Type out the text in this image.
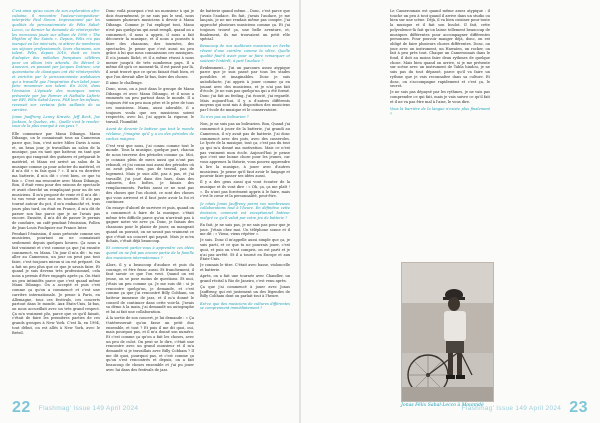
C'est ainsi qu'au cours de son exploration afro-cubaine, il rencontre l'auteur-compositeur-interprète Paul Simon. Impressionné par les qualités de percussionniste de Félix Sabal-Lecco, ce dernier lui demande de réinterpréter les morceaux joués sur album de 1990 « The Rhythm of the Saints ». Depuis, Félix n'a pas manqué en les mini-sets, ni attirer de nombreux ses séjours professionnels, leurs chansons, son talent. Félix, depuis 2010, était en train d'adopter des mélodies françaises célèbres pour un album très attendu. De Bérard & Anouvon, en passant par Jacques Dutronc, une quarantaine de classiques ont été réinterprétés et enrichis par le percussionniste andalusien qui a travaillé que l'inspiration d'un label jouer faire renommer son talent. En 2020, dans l'émission L'épisode des musiques noires présentée par Joe Farmer et Nathalie Lafortz sur RFI, Félix Sabal-Lecco, FSE leur les infuses, revenait sur certains faits saillants de sa carrière.

Jonas Jauffreny Lenny Kravitz, Jeff Beck, Joe Jackson, le Quebec, etc., Quelle s'est le rendez-vous de la plus marqué à vos yeux ?

Elle commence par Manu Dibango. Manu Dibango, on le connaissait tous au Cameroun parce que, bon, c'est notre Miles Davis à nous et, un beau jour, je travaillais au salon de la musique, pas en tant que batteur, en tant que garçon qui rangeait des guitares et préparait le matériel, et Manu est arrivé au salon de la musique comme ça pour acheter du matériel, et il m'a dit « tu fais quoi ? ». Il m'a vu derrière ma batterie, il m'a dit « c'est bien, ce que tu fais ». C'est ma rencontre avec Manu Dibango. Bon, il était venu pour des raisons de spectacle et avait cherché un remplaçant pour un de ses musiciens. Il m'a proposé de venir et il m'a dit : tu vas venir avec moi en tournée. Il n'a pas tourné autour du pot, il m'a embauché et, trois jours plus tard, on était en France, il m'a dit de passer son bac parce que je ne l'avais pas encore. Ensuite, il m'a dit de passer le permis de conduire, un café-pendant l'émission, Pollen de Jean-Louis Foulquier sur France Inter.

Pendant l'émission, il nous présente comme ses musiciens, pourtant on ne connaissait seulement depuis quelques heures. Ça nous a fait vraiment et c'est comme ça que j'ai ensuite commencé, vu Manu. Un jour il m'a dit : tu vas aller au Cameroun, un jour on peut pas tout faire, c'est toujours mieux si on est préparé. On a fait un peu plus que ce que je savais faire. Et quand je suis devenu très professionnel, cela nous a permis d'être engagés après ça. On était un peu intimidés parce que c'est quand même Manu Dibango. On a accepté et puis c'est comme ça qu'on a commencé et c'est une carrière internationale. Je pense à Paris, en Allemagne, tous ces festivals, ces concerts partout dans le monde. Aux États-Unis, là-bas, on nous accueillait avec un très grand respect. Ça m'a vraiment plu, parce que ce qu'il faisait, c'était de faire les premières parties de ces grands groupes à New York. C'est là, en 1994, tout début, on est allés à New York, avec le Brésil.

Donc voilà pourquoi c'est un monsieur à qui je dois énormément, je ne suis pas le seul, nous sommes plusieurs musiciens à devoir à Manu Dibango. Comme je l'ai expliqué tout, Manu n'est pas quelqu'un qui avait rempli, quand on a commencé, il nous a appris, il nous a fait découvrir la musique, et il nous a poussés à faire des chansons, des tournées, des spectacles. Je pense que c'est aussi un peu grâce à lui que nous connaissons ces musiques. Il n'a jamais lâché, et il a même réussi à nous mener jusqu'à de très nombreux pays. Il a même dit qu'à ce moment-là, il est passé par là, il avait trouvé que ce qu'on faisait était bien, et que l'on devrait aller là-bas, faire des choses.

Il aime le challenge.

Donc, nous, on a joué dans le groupe de Manu Dibango et avec Manu Dibango, et il nous a emmenés un peu partout dans le monde. Il a toujours été un peu mon père et le père de tous ces musiciens. Manu, aussi adorable, il a toujours voulu que ses musiciens soient respectés, avec lui, j'ai appris la rigueur, le travail, l'humilité.

Avant de devenir le batteur que tout le monde réclame, j'imagine qu'il y a eu des périodes de vaches maigres.

C'est vrai que nous, j'ai connu comme tout le monde. Tous la musique, quelque part, chacun de nous traverse des périodes comme ça. Moi, je connais plein de mecs aussi qui n'ont pas rebondi, et j'ai connu moi aussi des périodes où on avait plus rien, pas de travail, pas de logement. Mais je suis allé, pas à pas, et j'ai travaillé, j'ai joué dans des bars, dans des cabarets, des boîtes, je faisais des remplacements. Parfois aussi ce ne sont pas des choses que l'on choisit, ce sont des choses qui vous arrivent et il faut juste avoir la foi et continuer.

On essaye d'abord de survivre et puis, quand on a commencé à faire de la musique, c'était même très difficile parce qu'on n'arrivait pas à gagner notre vie avec ça. Donc, je faisais des chansons pour le plaisir de jouer, on mangeait quand on pouvait, on ne savait pas vraiment ce que c'était un concert qui payait. Mais je m'en fichais, c'était déjà beaucoup.

Et comment parlez-vous à apprendre ces idées quand on ne fait pas encore partie de la famille des musiciens internationaux ?

Alors, il y a beaucoup d'audace et puis du courage, et être franc aussi. Et franchement, il faut savoir ce que l'on veut. Quand on est jeune, on se pose moins de questions. Et moi, j'étais un peu comme ça. Je me suis dit : si je rencontre quelqu'un, je demande, et c'est comme ça que j'ai rencontré Billy Cobham, un batteur immense de jazz, et il m'a donné le conseil de continuer dans cette voie-là. J'avais sa démo à la main, j'ai demandé un autographe et lui ai fait une collaboration.

À la sortie de son concert, je lui demande : « Ça t'intéresserait qu'on fasse un petit duo ensemble, et tout ? Et puis il me dit quoi, oui, mais pourquoi pas, et il m'a donné son numéro. Et c'est comme ça qu'on a fait les choses, avec un peu de culot. On peut se le dire, c'était une rencontre avec un grand monsieur et il m'a demandé si je travaillais avec Billy Cobham ? Il me dit quoi, pourquoi pas, et c'est comme ça qu'on s'est rencontrés et depuis, on a fait beaucoup de choses ensemble et j'ai pu jouer avec lui dans des festivals de jazz.

de batterie quand même... Donc, c'est parce que j'avais l'audace. En fait, j'avais l'audace, je me lançais, je ne me rendais même pas compte. J'ai approché plusieurs musiciens comme ça. Et j'ai toujours trouvé ça, une belle aventure, et, finalement, ils me trouvaient un petit rôle spécial.

Beaucoup de nos auditeurs musiciens en herbe rêvent d'une carrière comme la vôtre. Quelle qualité faut-il avoir pour se faire remarquer et soutenir l'intérêt, à part l'audace ?

Évidemment... J'ai un parcours assez atypique parce que je suis passé par tous les stades possibles et imaginables. Donc je suis autodidacte, j'ai appris à jouer comme ça en jouant avec des musiciens, et je n'ai pas fait d'école. Je ne suis pas quelqu'un qui a été formé. Donc j'ai fait au feeling, j'ai écouté, j'ai regardé. Mais aujourd'hui, il y a d'autres différents moyens qui sont mis à disposition des musiciens par l'école de musique et le conservatoire.

Tu n'es pas au bolivarien ?

Non, je ne suis pas au bolivarien. Bon, Quand j'ai commencé à jouer de la batterie, j'ai grandi au Cameroun, il n'y avait pas de batterie. J'ai donc commencé avec des pots, avec des casseroles. Le lycée de la musique, tout ça, c'est pas du tout ça qui m'a donné ma motivation. Mais ce n'est pas vraiment mon école. Aujourd'hui je pense que c'est une bonne chose pour les jeunes, car vous apprenez la théorie, vous pouvez apprendre à lire la musique, à jouer avec d'autres musiciens. Je pense qu'il faut avoir le langage et pouvoir faire passer ses idées aussi.

Il y a des gens aussi qui vont écouter de la musique et ils vont dire : « Oh, ça, ça me plaît ! ». Ils n'ont pas forcément appris à le faire, mais c'est le cœur et la personnalité, peut-être.

Je citais Jonas Jauffreny parmi vos nombreuses collaborations tout à l'heure. En définitive cette émission, comment est exceptionnel batteur malgré ce qu'il valait par votre jeu de batterie ?

En fait, je ne sais pas, je ne sais pas pour que je joue. J'étais chez moi. Un téléphone sonne et il me dit : « Viens, viens répéter ».

Je suis. Donc il m'appelle aussi simple que ça, je suis parti, et ce que tu ne pourrais jouer, c'est quoi, et puis on s'est compris, on est parti et je n'ai pas arrêté. Et il a tourné en Europe et aux États-Unis.

Je connais le titre. C'était avec basse, violoncelle et batterie.

Après, on a fait une tournée avec Chandler, un grand récital à Rio de Janeiro, c'est venu après.

Ça que j'ai commencé à jouer avec Jonas Jauffreny, qui est justement un des légendes de Billy Cobham dont on parlait tout à l'heure.

Est-ce que des musiciens de cultures différentes se comprennent immédiatement ?

22 Flashmag' Issue 149 April 2024

Le Camerounais est quand même assez atypique : il touche un peu à tout quand il arrive dans un studio ou bien sur une scène. Déjà, il va bien cuisiner pour toute la musique et il fait son boulot. Il fait, cette polyvalence-là fait qu'on laisse tellement beaucoup de musiques différentes pour accompagner différentes personnes. Pour pouvoir manger déjà, donc, on est obligé de faire plusieurs choses différentes. Donc, on joue avec un instrument, un Hawaïen, un rocker, on fait à peu près tout. Chaque un Camerounais dans le fond, il doit au moins faire deux rythmes de quelque chose. Mais bien quand on arrive, si je me présente sur scène avec un instrument de Tabla hindou, je ne suis pas du tout dépassé, parce qu'il va faire un rythme que je vais reconnaître dans sa culture. Et donc, on s'accompagne rapidement et c'est ça, le secret.

Je ne suis pas dépaysé par les rythmes, je ne vais pas comprendre ce qui fait, mais je vais suivre ce qu'il fait et il ne va pas être mal à l'aise, le vous dire.

Vous la barrière de la langue n'existe plus finalement ?

Flashmag' Issue 149 April 2024 23
Jonas Félix Sabal-Lecco à Mounndé
